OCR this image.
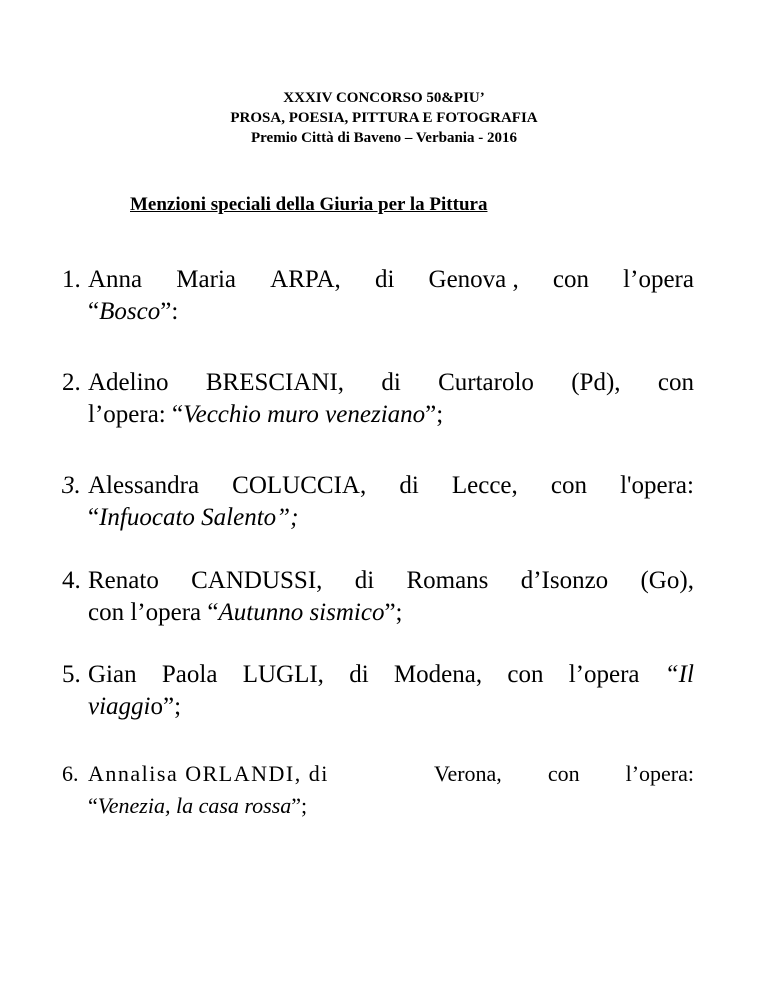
XXXIV CONCORSO 50&PIU’
PROSA, POESIA, PITTURA E FOTOGRAFIA
Premio Città di Baveno – Verbania - 2016
Menzioni speciali della Giuria per la Pittura
1. Anna Maria ARPA, di Genova , con l’opera
“Bosco”:
2. Adelino BRESCIANI, di Curtarolo (Pd), con
l’opera: “Vecchio muro veneziano”;
3. Alessandra COLUCCIA, di Lecce, con l'opera:
“Infuocato Salento”;
4. Renato CANDUSSI, di Romans d’Isonzo (Go),
con l’opera “Autunno sismico”;
5. Gian Paola LUGLI, di Modena, con l’opera “Il
viaggio”;
6. Annalisa ORLANDI, di	Verona, con l’opera:
“Venezia, la casa rossa”;
